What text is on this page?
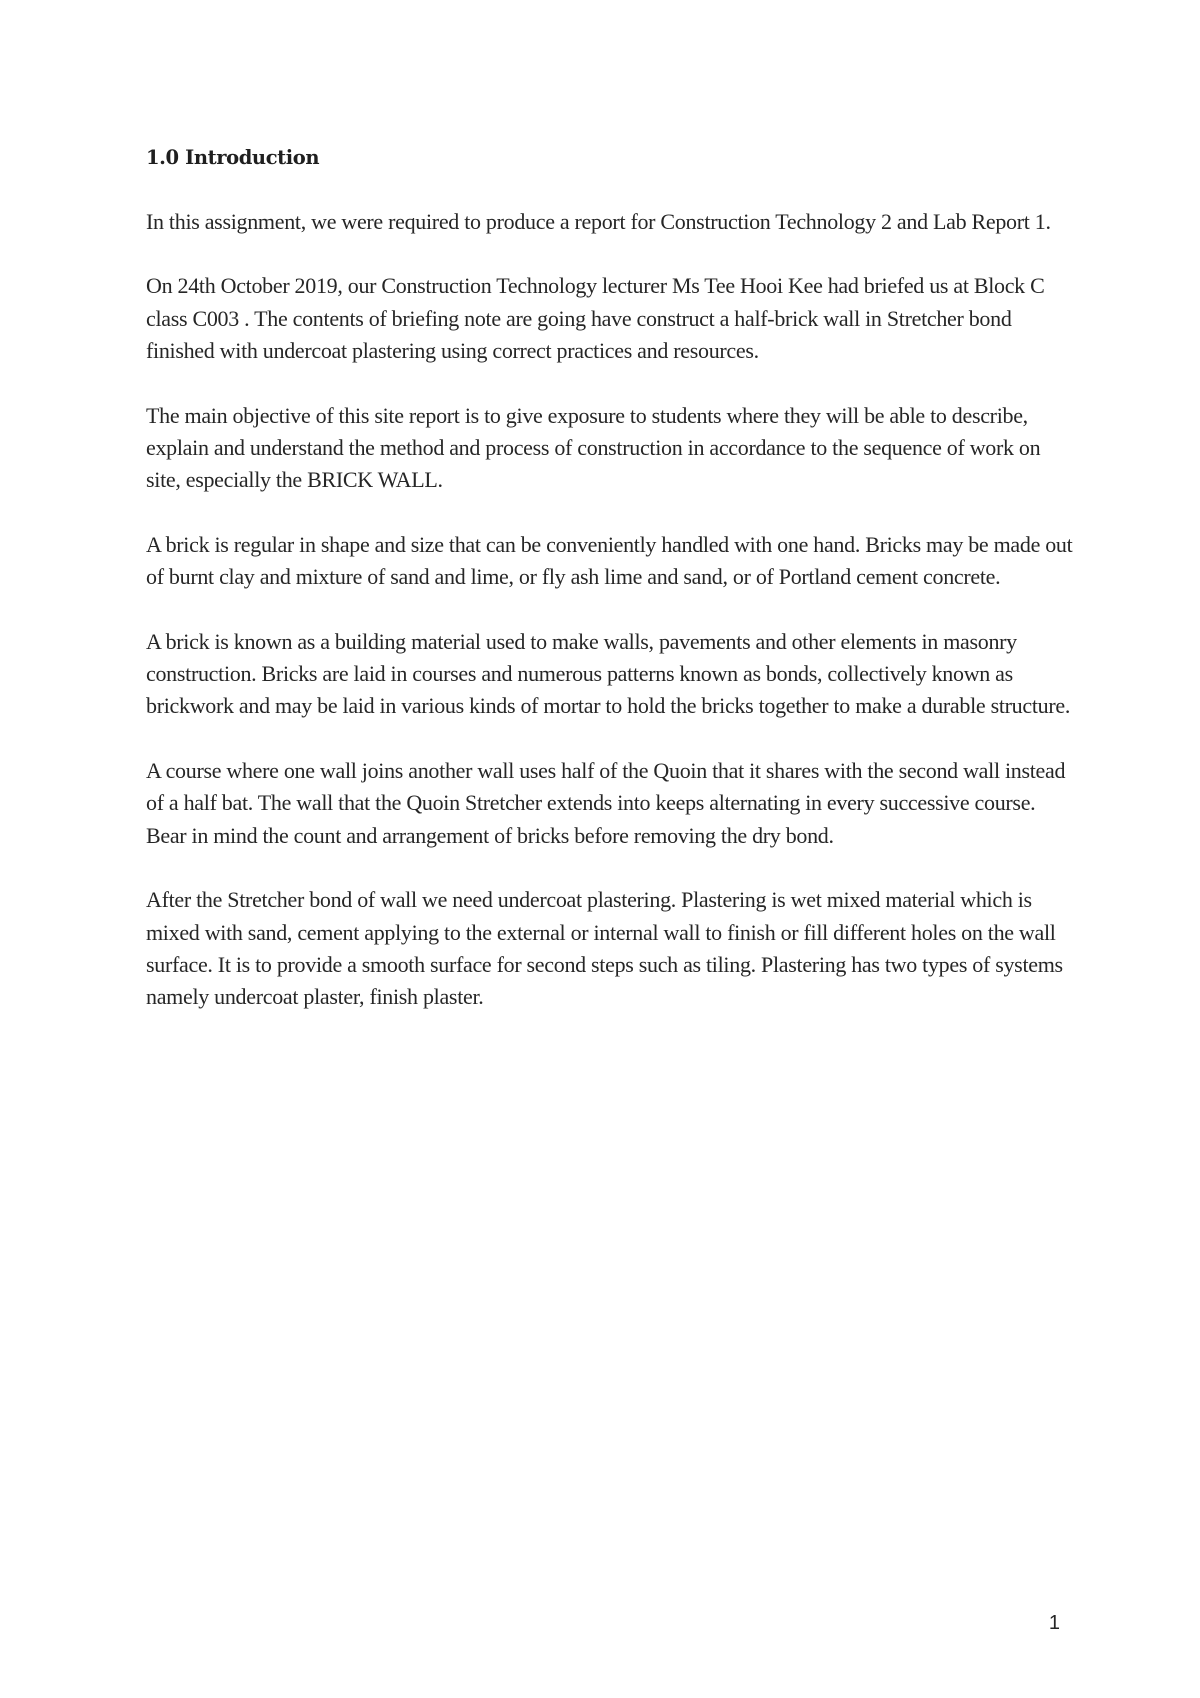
1.0 Introduction

In this assignment, we were required to produce a report for Construction Technology 2 and Lab Report 1.

On 24th October 2019, our Construction Technology lecturer Ms Tee Hooi Kee had briefed us at Block C class C003 . The contents of briefing note are going have construct a half-brick wall in Stretcher bond finished with undercoat plastering using correct practices and resources.

The main objective of this site report is to give exposure to students where they will be able to describe, explain and understand the method and process of construction in accordance to the sequence of work on site, especially the BRICK WALL.

A brick is regular in shape and size that can be conveniently handled with one hand. Bricks may be made out of burnt clay and mixture of sand and lime, or fly ash lime and sand, or of Portland cement concrete.

A brick is known as a building material used to make walls, pavements and other elements in masonry construction. Bricks are laid in courses and numerous patterns known as bonds, collectively known as brickwork and may be laid in various kinds of mortar to hold the bricks together to make a durable structure.

A course where one wall joins another wall uses half of the Quoin that it shares with the second wall instead of a half bat. The wall that the Quoin Stretcher extends into keeps alternating in every successive course. Bear in mind the count and arrangement of bricks before removing the dry bond.

After the Stretcher bond of wall we need undercoat plastering. Plastering is wet mixed material which is mixed with sand, cement applying to the external or internal wall to finish or fill different holes on the wall surface. It is to provide a smooth surface for second steps such as tiling. Plastering has two types of systems namely undercoat plaster, finish plaster.

1
